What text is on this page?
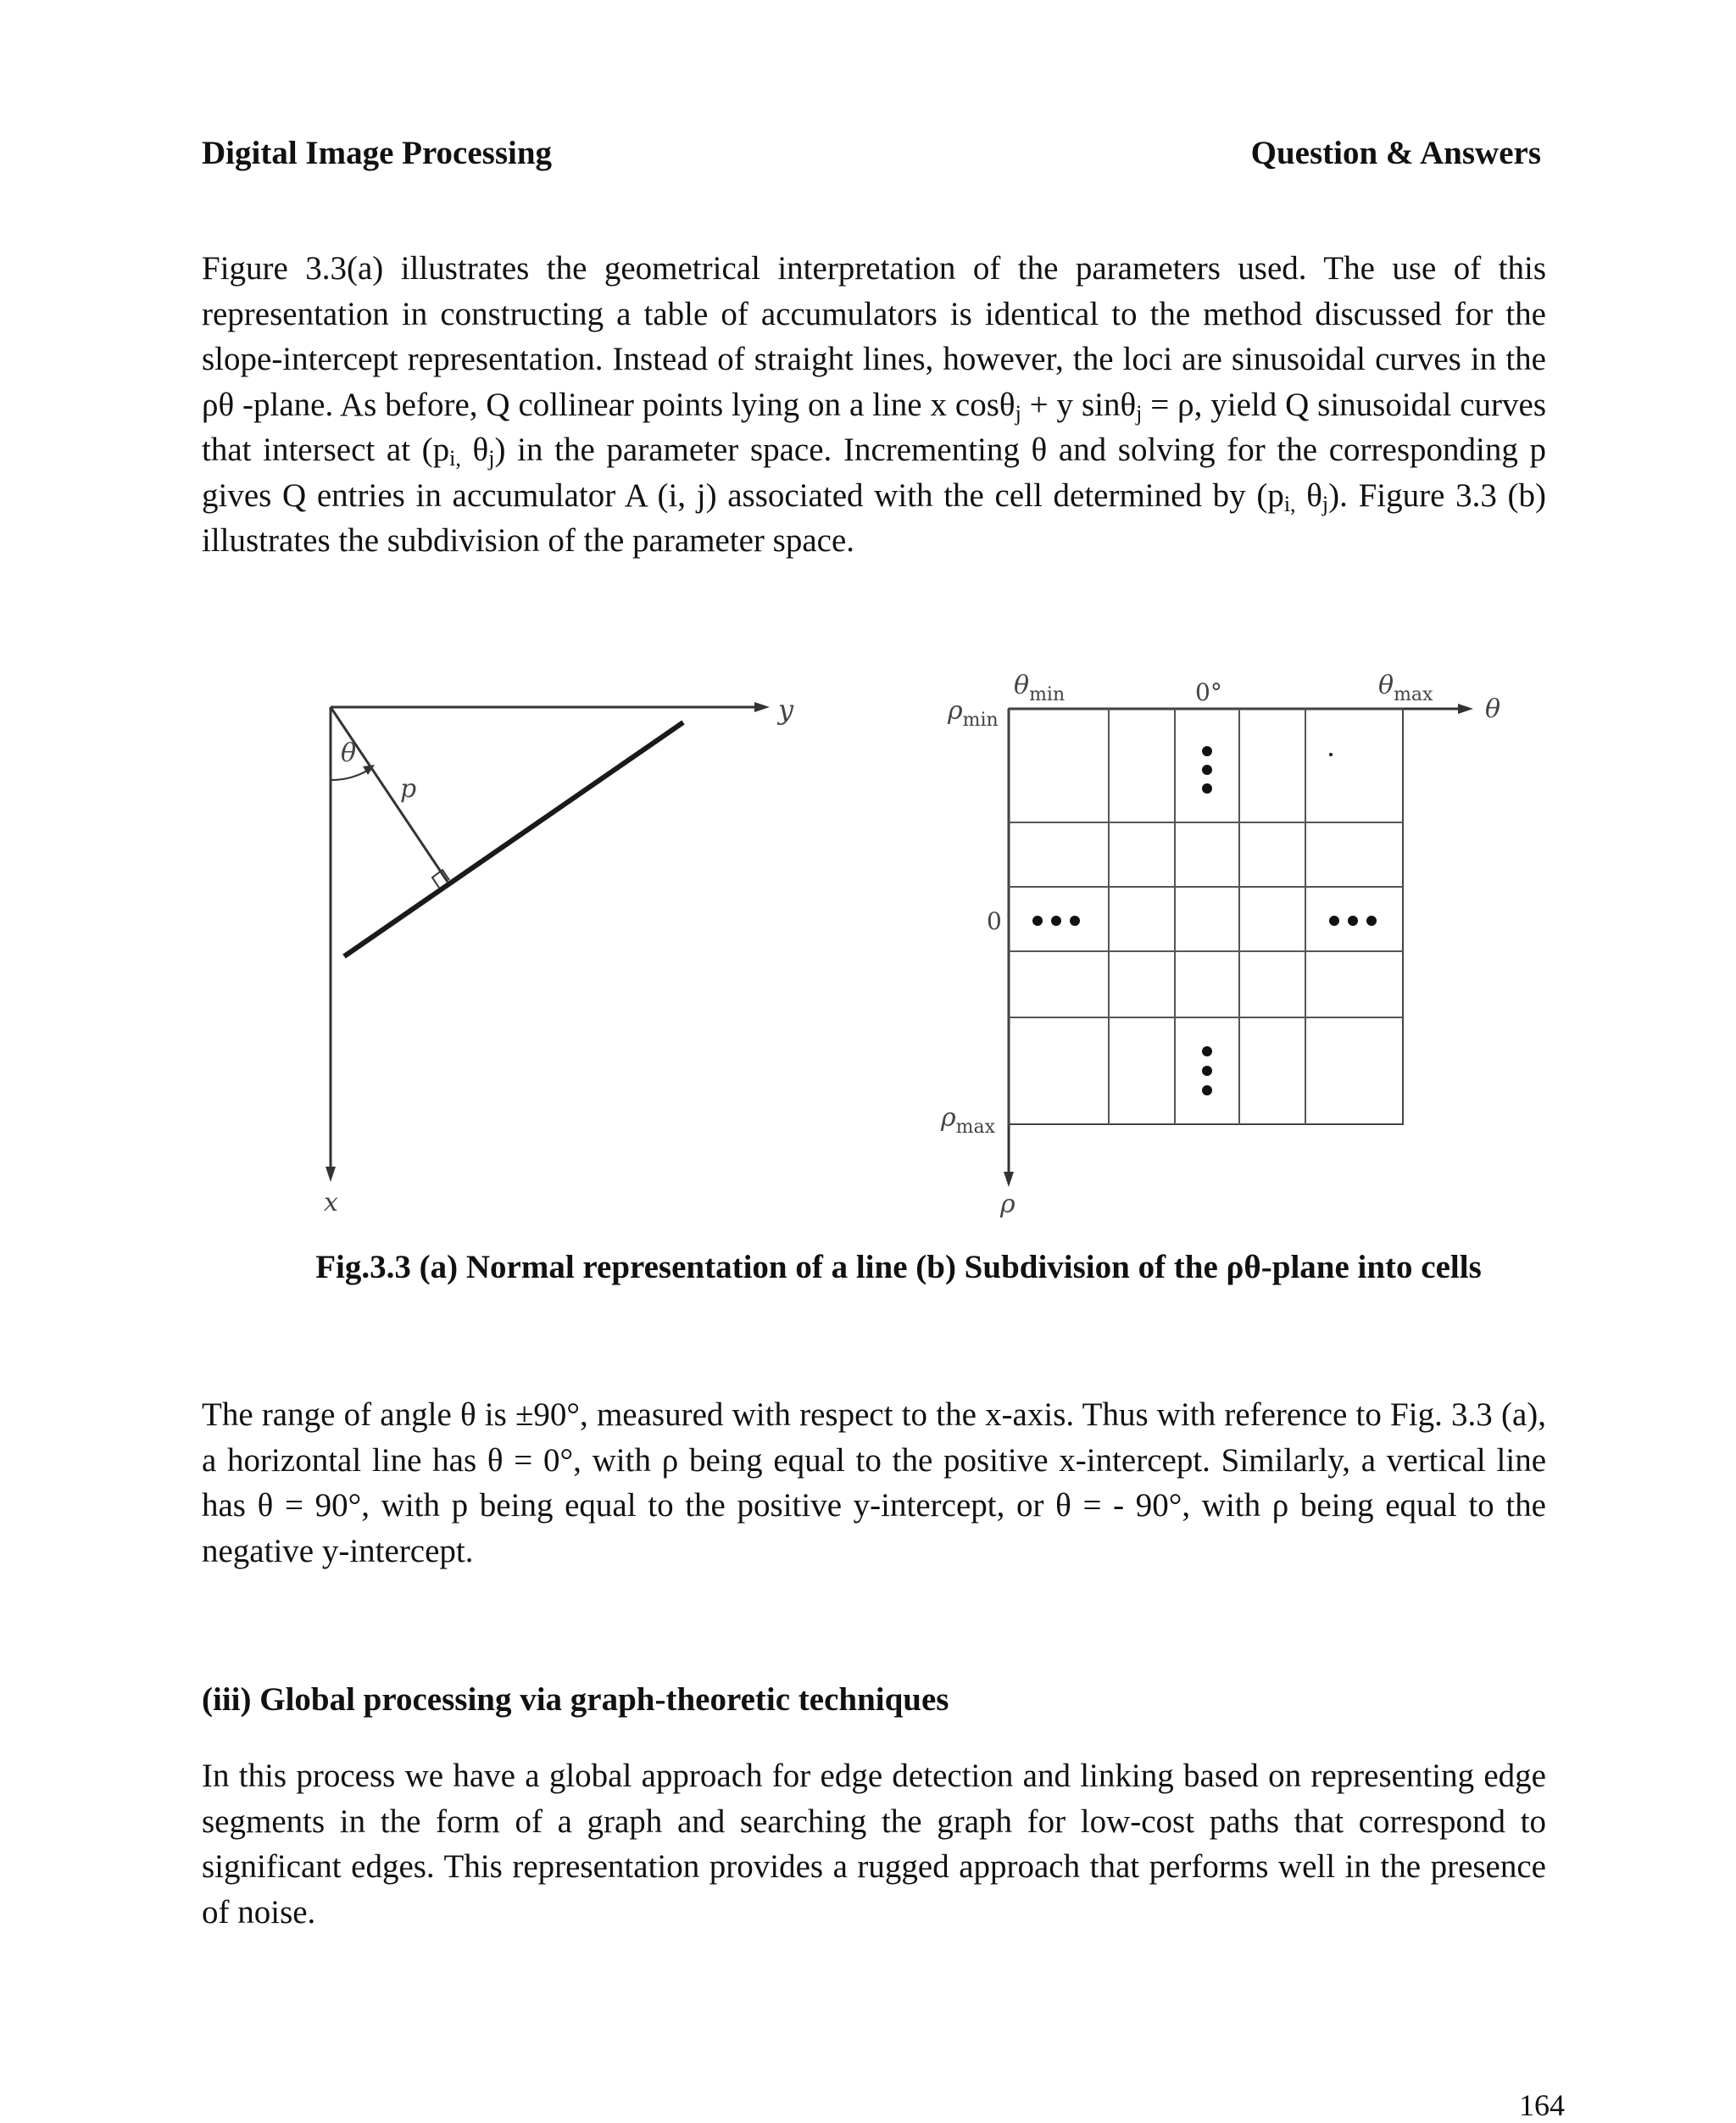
Digital Image Processing	Question & Answers

Figure 3.3(a) illustrates the geometrical interpretation of the parameters used. The use of this representation in constructing a table of accumulators is identical to the method discussed for the slope-intercept representation. Instead of straight lines, however, the loci are sinusoidal curves in the ρθ -plane. As before, Q collinear points lying on a line x cosθ$_j$ + y sinθ$_j$ = ρ, yield Q sinusoidal curves that intersect at ($p_{i,}$ $\theta_j$) in the parameter space. Incrementing θ and solving for the corresponding p gives Q entries in accumulator A (i, j) associated with the cell determined by ($p_{i,}$ $\theta_j$). Figure 3.3 (b) illustrates the subdivision of the parameter space.

θ
p
y
x
$\rho_{min}$
$\theta_{min}$	0°	$\theta_{max}$ θ
0
$\rho_{max}$
ρ
Fig.3.3 (a) Normal representation of a line (b) Subdivision of the ρθ-plane into cells

The range of angle θ is ±90°, measured with respect to the x-axis. Thus with reference to Fig. 3.3 (a), a horizontal line has θ = 0°, with ρ being equal to the positive x-intercept. Similarly, a vertical line has θ = 90°, with p being equal to the positive y-intercept, or θ = - 90°, with ρ being equal to the negative y-intercept.

(iii) Global processing via graph-theoretic techniques

In this process we have a global approach for edge detection and linking based on representing edge segments in the form of a graph and searching the graph for low-cost paths that correspond to significant edges. This representation provides a rugged approach that performs well in the presence of noise.

164
